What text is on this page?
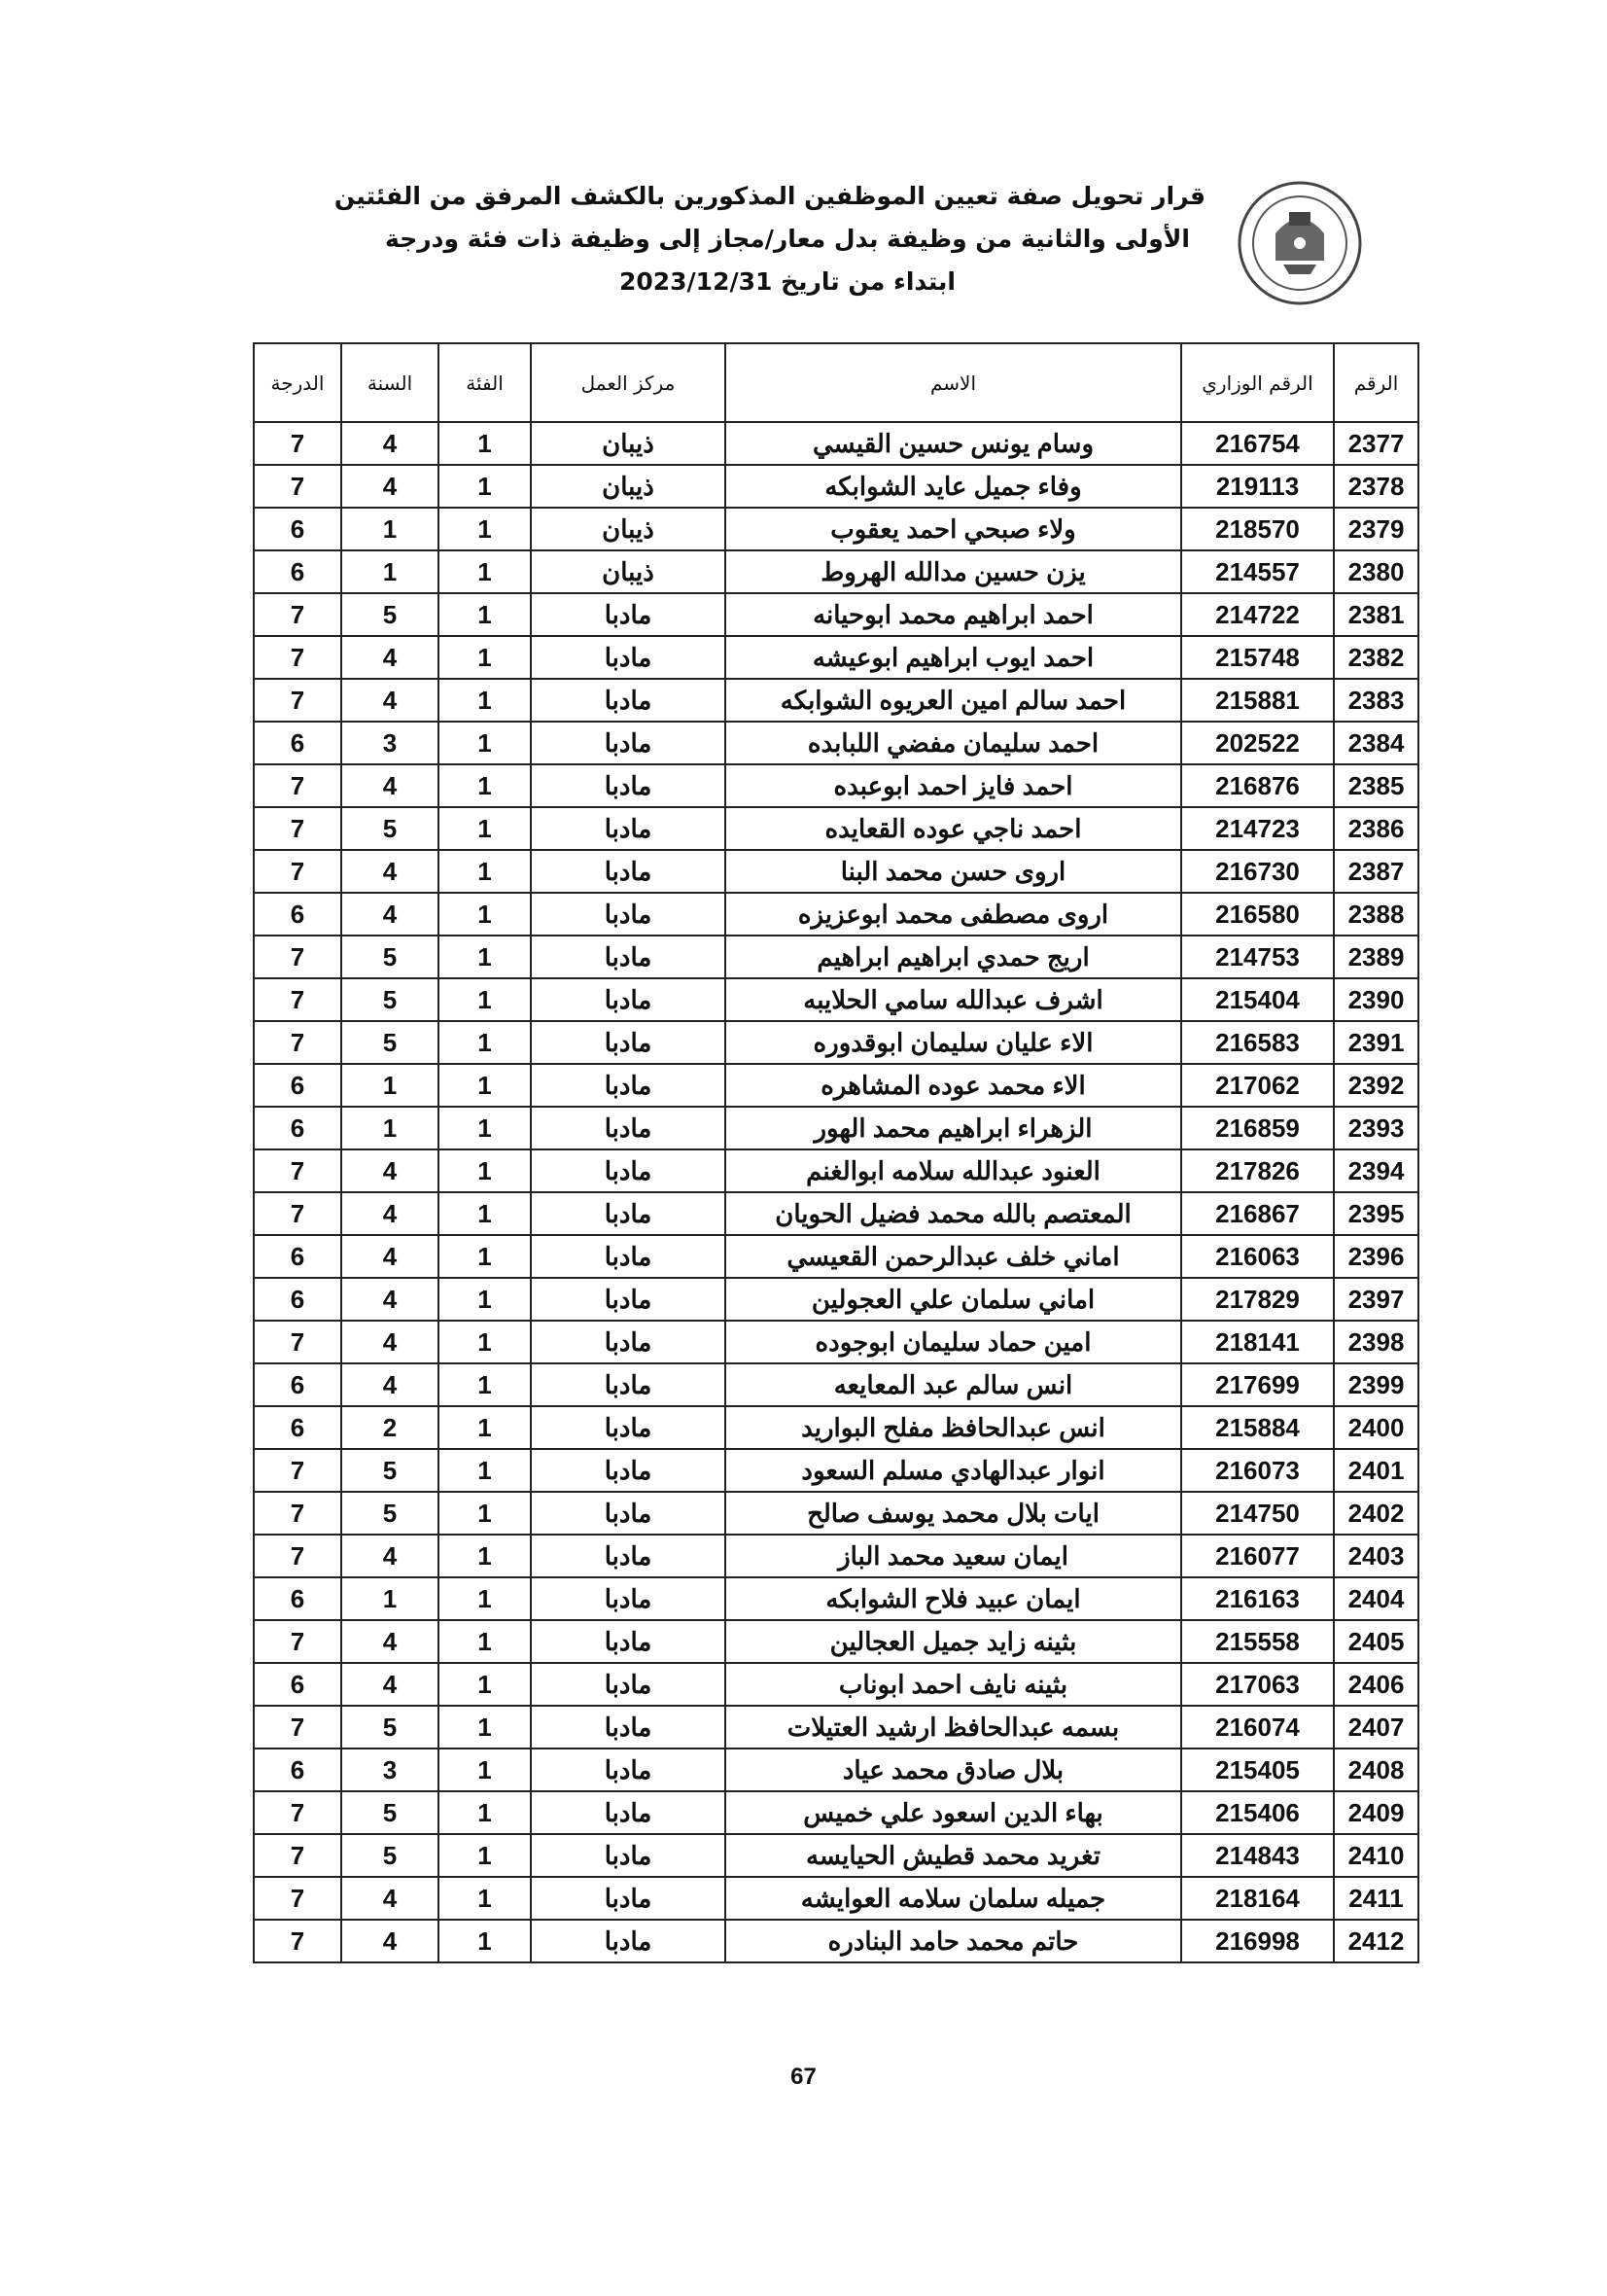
قرار تحويل صفة تعيين الموظفين المذكورين بالكشف المرفق من الفئتين
الأولى والثانية من وظيفة بدل معار/مجاز إلى وظيفة ذات فئة ودرجة
ابتداء من تاريخ 2023/12/31
الرقم	الرقم الوزاري	الاسم	مركز العمل	الفئة	السنة	الدرجة
2377	216754	وسام يونس حسين القيسي	ذيبان	1	4	7
2378	219113	وفاء جميل عايد الشوابكه	ذيبان	1	4	7
2379	218570	ولاء صبحي احمد يعقوب	ذيبان	1	1	6
2380	214557	يزن حسين مدالله الهروط	ذيبان	1	1	6
2381	214722	احمد ابراهيم محمد ابوحيانه	مادبا	1	5	7
2382	215748	احمد ايوب ابراهيم ابوعيشه	مادبا	1	4	7
2383	215881	احمد سالم امين العريوه الشوابكه	مادبا	1	4	7
2384	202522	احمد سليمان مفضي اللبابده	مادبا	1	3	6
2385	216876	احمد فايز احمد ابوعبده	مادبا	1	4	7
2386	214723	احمد ناجي عوده القعايده	مادبا	1	5	7
2387	216730	اروى حسن محمد البنا	مادبا	1	4	7
2388	216580	اروى مصطفى محمد ابوعزيزه	مادبا	1	4	6
2389	214753	اريج حمدي ابراهيم ابراهيم	مادبا	1	5	7
2390	215404	اشرف عبدالله سامي الحلايبه	مادبا	1	5	7
2391	216583	الاء عليان سليمان ابوقدوره	مادبا	1	5	7
2392	217062	الاء محمد عوده المشاهره	مادبا	1	1	6
2393	216859	الزهراء ابراهيم محمد الهور	مادبا	1	1	6
2394	217826	العنود عبدالله سلامه ابوالغنم	مادبا	1	4	7
2395	216867	المعتصم بالله محمد فضيل الحويان	مادبا	1	4	7
2396	216063	اماني خلف عبدالرحمن القعيسي	مادبا	1	4	6
2397	217829	اماني سلمان علي العجولين	مادبا	1	4	6
2398	218141	امين حماد سليمان ابوجوده	مادبا	1	4	7
2399	217699	انس سالم عبد المعايعه	مادبا	1	4	6
2400	215884	انس عبدالحافظ مفلح البواريد	مادبا	1	2	6
2401	216073	انوار عبدالهادي مسلم السعود	مادبا	1	5	7
2402	214750	ايات بلال محمد يوسف صالح	مادبا	1	5	7
2403	216077	ايمان سعيد محمد الباز	مادبا	1	4	7
2404	216163	ايمان عبيد فلاح الشوابكه	مادبا	1	1	6
2405	215558	بثينه زايد جميل العجالين	مادبا	1	4	7
2406	217063	بثينه نايف احمد ابوناب	مادبا	1	4	6
2407	216074	بسمه عبدالحافظ ارشيد العتيلات	مادبا	1	5	7
2408	215405	بلال صادق محمد عياد	مادبا	1	3	6
2409	215406	بهاء الدين اسعود علي خميس	مادبا	1	5	7
2410	214843	تغريد محمد قطيش الحيايسه	مادبا	1	5	7
2411	218164	جميله سلمان سلامه العوايشه	مادبا	1	4	7
2412	216998	حاتم محمد حامد البنادره	مادبا	1	4	7
67
